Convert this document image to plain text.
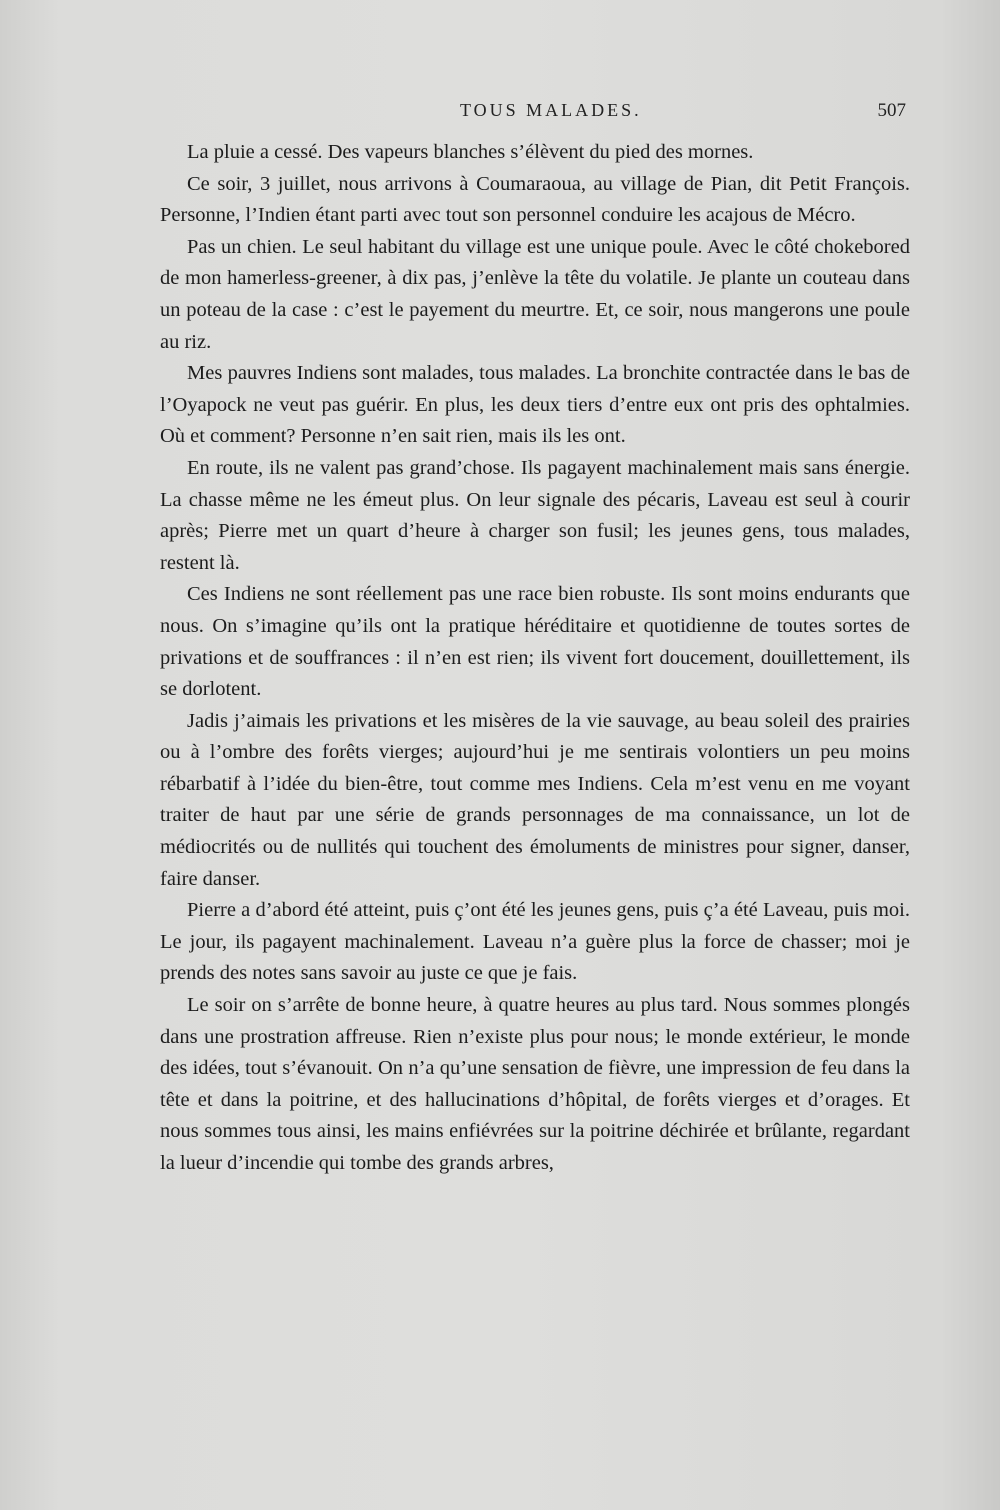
TOUS MALADES.	507

La pluie a cessé. Des vapeurs blanches s’élèvent du pied des mornes.

Ce soir, 3 juillet, nous arrivons à Coumaraoua, au village de Pian, dit Petit François. Personne, l’Indien étant parti avec tout son personnel conduire les acajous de Mécro.

Pas un chien. Le seul habitant du village est une unique poule. Avec le côté chokebored de mon hamerless-greener, à dix pas, j’enlève la tête du volatile. Je plante un couteau dans un poteau de la case : c’est le payement du meurtre. Et, ce soir, nous mangerons une poule au riz.

Mes pauvres Indiens sont malades, tous malades. La bronchite contractée dans le bas de l’Oyapock ne veut pas guérir. En plus, les deux tiers d’entre eux ont pris des ophtalmies. Où et comment? Personne n’en sait rien, mais ils les ont.

En route, ils ne valent pas grand’chose. Ils pagayent machinalement mais sans énergie. La chasse même ne les émeut plus. On leur signale des pécaris, Laveau est seul à courir après; Pierre met un quart d’heure à charger son fusil; les jeunes gens, tous malades, restent là.

Ces Indiens ne sont réellement pas une race bien robuste. Ils sont moins endurants que nous. On s’imagine qu’ils ont la pratique héréditaire et quotidienne de toutes sortes de privations et de souffrances : il n’en est rien; ils vivent fort doucement, douillettement, ils se dorlotent.

Jadis j’aimais les privations et les misères de la vie sauvage, au beau soleil des prairies ou à l’ombre des forêts vierges; aujourd’hui je me sentirais volontiers un peu moins rébarbatif à l’idée du bien-être, tout comme mes Indiens. Cela m’est venu en me voyant traiter de haut par une série de grands personnages de ma connaissance, un lot de médiocrités ou de nullités qui touchent des émoluments de ministres pour signer, danser, faire danser.

Pierre a d’abord été atteint, puis ç’ont été les jeunes gens, puis ç’a été Laveau, puis moi. Le jour, ils pagayent machinalement. Laveau n’a guère plus la force de chasser; moi je prends des notes sans savoir au juste ce que je fais.

Le soir on s’arrête de bonne heure, à quatre heures au plus tard. Nous sommes plongés dans une prostration affreuse. Rien n’existe plus pour nous; le monde extérieur, le monde des idées, tout s’évanouit. On n’a qu’une sensation de fièvre, une impression de feu dans la tête et dans la poitrine, et des hallucinations d’hôpital, de forêts vierges et d’orages. Et nous sommes tous ainsi, les mains enfiévrées sur la poitrine déchirée et brûlante, regardant la lueur d’incendie qui tombe des grands arbres,
